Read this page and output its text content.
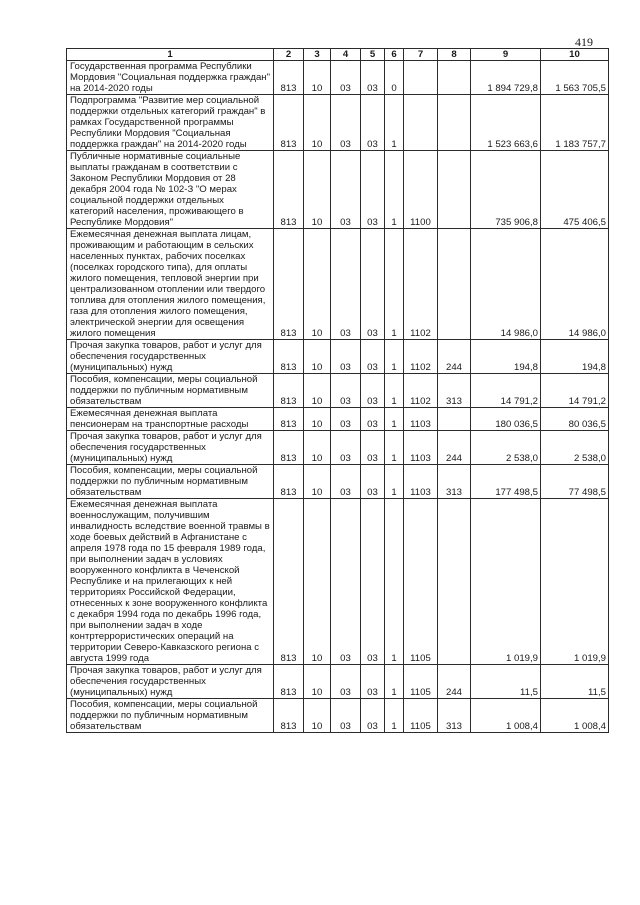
419
1	2	3	4	5	6	7	8	9	10
Государственная программа Республики Мордовия "Социальная поддержка граждан" на 2014-2020 годы	813	10	03	03	0			1 894 729,8	1 563 705,5
Подпрограмма "Развитие мер социальной поддержки отдельных категорий граждан" в рамках Государственной программы Республики Мордовия "Социальная поддержка граждан" на 2014-2020 годы	813	10	03	03	1			1 523 663,6	1 183 757,7
Публичные нормативные социальные выплаты гражданам в соответствии с Законом Республики Мордовия от 28 декабря 2004 года № 102-З "О мерах социальной поддержки отдельных категорий населения, проживающего в Республике Мордовия"	813	10	03	03	1	1100		735 906,8	475 406,5
Ежемесячная денежная выплата лицам, проживающим и работающим в сельских населенных пунктах, рабочих поселках (поселках городского типа), для оплаты жилого помещения, тепловой энергии при централизованном отоплении или твердого топлива для отопления жилого помещения, газа для отопления жилого помещения, электрической энергии для освещения жилого помещения	813	10	03	03	1	1102		14 986,0	14 986,0
Прочая закупка товаров, работ и услуг для обеспечения государственных (муниципальных) нужд	813	10	03	03	1	1102	244	194,8	194,8
Пособия, компенсации, меры социальной поддержки по публичным нормативным обязательствам	813	10	03	03	1	1102	313	14 791,2	14 791,2
Ежемесячная денежная выплата пенсионерам на транспортные расходы	813	10	03	03	1	1103		180 036,5	80 036,5
Прочая закупка товаров, работ и услуг для обеспечения государственных (муниципальных) нужд	813	10	03	03	1	1103	244	2 538,0	2 538,0
Пособия, компенсации, меры социальной поддержки по публичным нормативным обязательствам	813	10	03	03	1	1103	313	177 498,5	77 498,5
Ежемесячная денежная выплата военнослужащим, получившим инвалидность вследствие военной травмы в ходе боевых действий в Афганистане с апреля 1978 года по 15 февраля 1989 года, при выполнении задач в условиях вооруженного конфликта в Чеченской Республике и на прилегающих к ней территориях Российской Федерации, отнесенных к зоне вооруженного конфликта с декабря 1994 года по декабрь 1996 года, при выполнении задач в ходе контртеррористических операций на территории Северо-Кавказского региона с августа 1999 года	813	10	03	03	1	1105		1 019,9	1 019,9
Прочая закупка товаров, работ и услуг для обеспечения государственных (муниципальных) нужд	813	10	03	03	1	1105	244	11,5	11,5
Пособия, компенсации, меры социальной поддержки по публичным нормативным обязательствам	813	10	03	03	1	1105	313	1 008,4	1 008,4
